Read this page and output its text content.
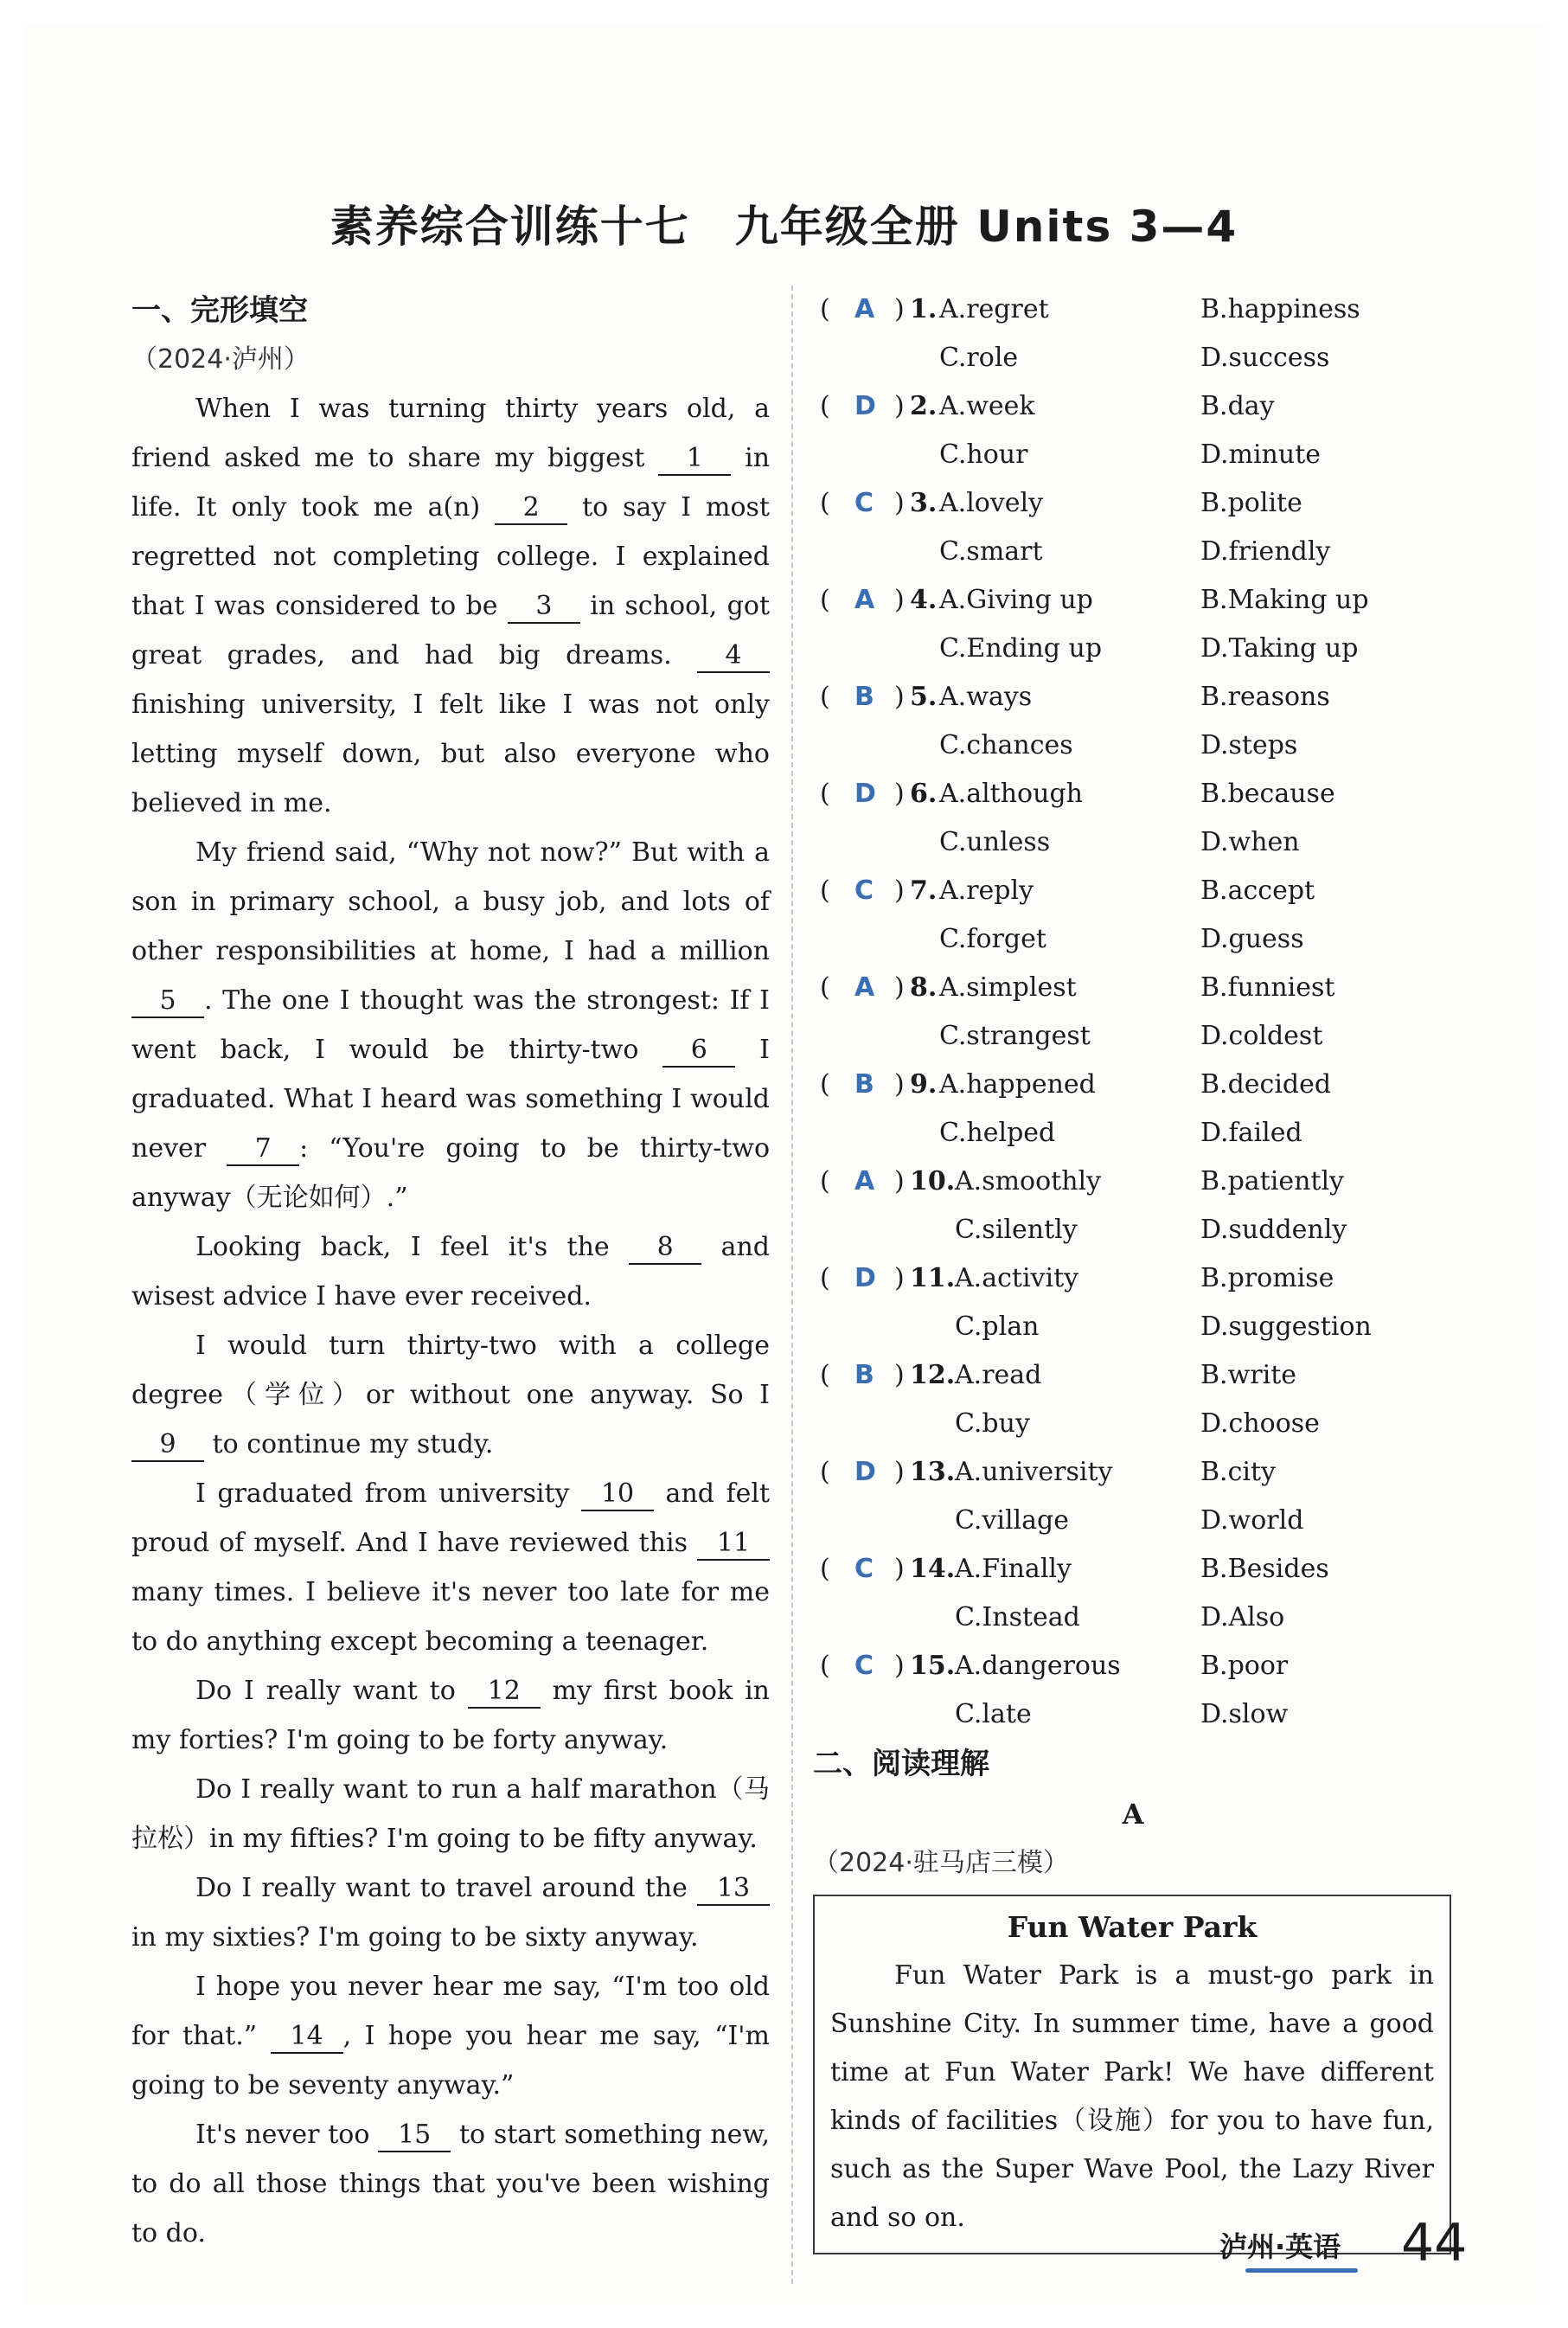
素养综合训练十七　九年级全册 Units 3—4
一、完形填空
（2024·泸州）

When I was turning thirty years old, a friend asked me to share my biggest 1 in life. It only took me a(n) 2 to say I most regretted not completing college. I explained that I was considered to be 3 in school, got great grades, and had big dreams. 4 finishing university, I felt like I was not only letting myself down, but also everyone who believed in me.

My friend said, “Why not now?” But with a son in primary school, a busy job, and lots of other responsibilities at home, I had a million 5 . The one I thought was the strongest: If I went back, I would be thirty-two 6 I graduated. What I heard was something I would never 7 : “You're going to be thirty-two anyway（无论如何）.”

Looking back, I feel it's the 8 and wisest advice I have ever received.

I would turn thirty-two with a college degree（学位）or without one anyway. So I 9 to continue my study.

I graduated from university 10 and felt proud of myself. And I have reviewed this 11 many times. I believe it's never too late for me to do anything except becoming a teenager.

Do I really want to 12 my first book in my forties? I'm going to be forty anyway.

Do I really want to run a half marathon（马拉松）in my fifties? I'm going to be fifty anyway.

Do I really want to travel around the 13 in my sixties? I'm going to be sixty anyway.

I hope you never hear me say, “I'm too old for that.” 14 , I hope you hear me say, “I'm going to be seventy anyway.”

It's never too 15 to start something new, to do all those things that you've been wishing to do.

( A ) 1. A.regret	B.happiness
C.role	D.success
( D ) 2. A.week	B.day
C.hour	D.minute
( C ) 3. A.lovely	B.polite
C.smart	D.friendly
( A ) 4. A.Giving up	B.Making up
C.Ending up	D.Taking up
( B ) 5. A.ways	B.reasons
C.chances	D.steps
( D ) 6. A.although	B.because
C.unless	D.when
( C ) 7. A.reply	B.accept
C.forget	D.guess
( A ) 8. A.simplest	B.funniest
C.strangest	D.coldest
( B ) 9. A.happened	B.decided
C.helped	D.failed
( A ) 10. A.smoothly	B.patiently
C.silently	D.suddenly
( D ) 11. A.activity	B.promise
C.plan	D.suggestion
( B ) 12. A.read	B.write
C.buy	D.choose
( D ) 13. A.university	B.city
C.village	D.world
( C ) 14. A.Finally	B.Besides
C.Instead	D.Also
( C ) 15. A.dangerous	B.poor
C.late	D.slow
二、阅读理解
A
（2024·驻马店三模）
Fun Water Park

Fun Water Park is a must-go park in Sunshine City. In summer time, have a good time at Fun Water Park! We have different kinds of facilities（设施）for you to have fun, such as the Super Wave Pool, the Lazy River and so on.

泸州·英语 44
